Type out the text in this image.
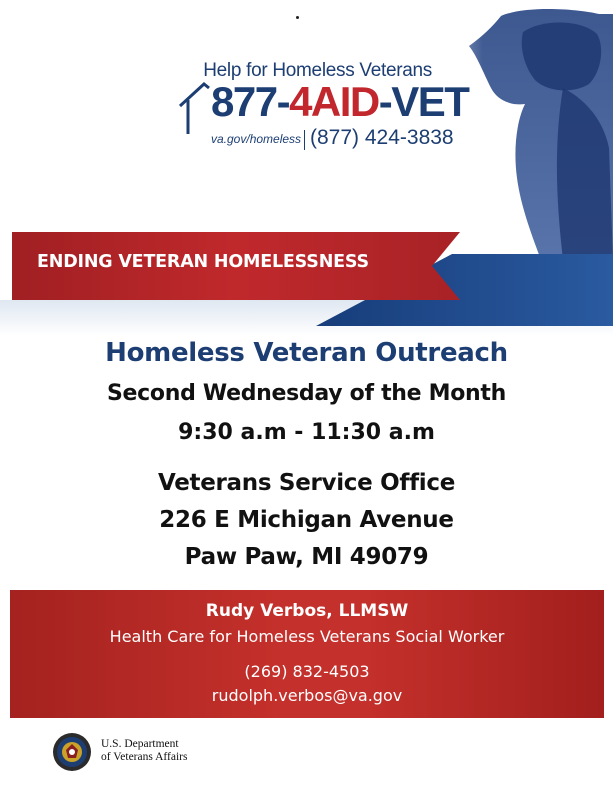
Help for Homeless Veterans
877-4AID-VET
va.gov/homeless (877) 424-3838
ENDING VETERAN HOMELESSNESS
Homeless Veteran Outreach
Second Wednesday of the Month
9:30 a.m - 11:30 a.m
Veterans Service Office
226 E Michigan Avenue
Paw Paw, MI 49079
Rudy Verbos, LLMSW
Health Care for Homeless Veterans Social Worker
(269) 832-4503
rudolph.verbos@va.gov
U.S. Department
of Veterans Affairs
